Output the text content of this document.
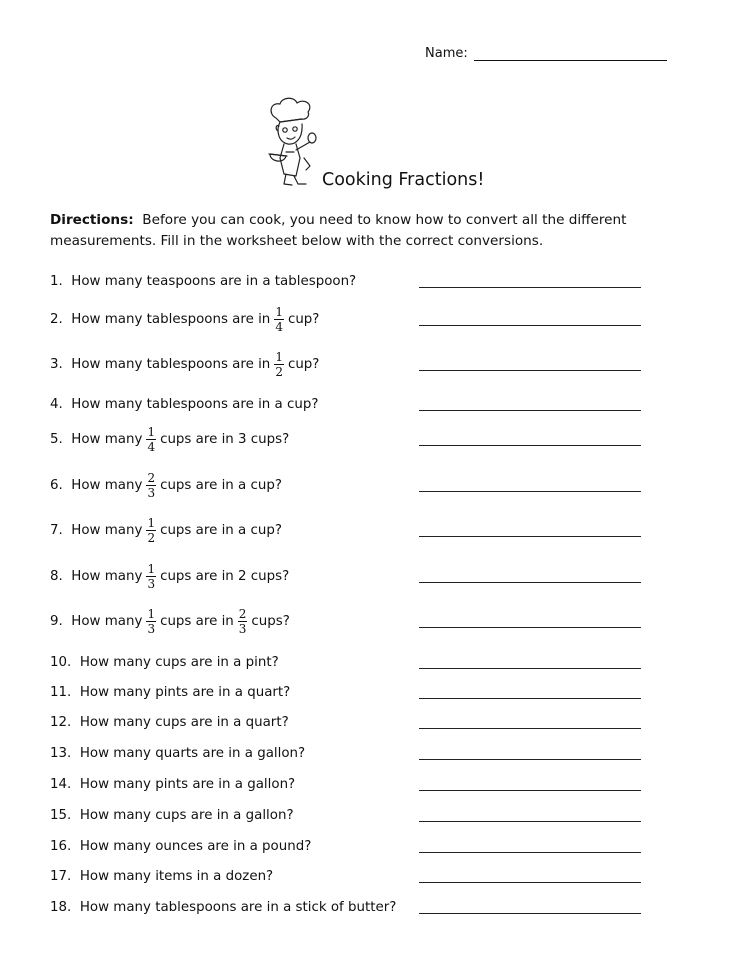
Name:
Cooking Fractions!
Directions: Before you can cook, you need to know how to convert all the different measurements. Fill in the worksheet below with the correct conversions.
1. How many teaspoons are in a tablespoon?
2. How many tablespoons are in $\frac{1}{4}$ cup?
3. How many tablespoons are in $\frac{1}{2}$ cup?
4. How many tablespoons are in a cup?
5. How many $\frac{1}{4}$ cups are in 3 cups?
6. How many $\frac{2}{3}$ cups are in a cup?
7. How many $\frac{1}{2}$ cups are in a cup?
8. How many $\frac{1}{3}$ cups are in 2 cups?
9. How many $\frac{1}{3}$ cups are in $\frac{2}{3}$ cups?
10. How many cups are in a pint?
11. How many pints are in a quart?
12. How many cups are in a quart?
13. How many quarts are in a gallon?
14. How many pints are in a gallon?
15. How many cups are in a gallon?
16. How many ounces are in a pound?
17. How many items in a dozen?
18. How many tablespoons are in a stick of butter?
